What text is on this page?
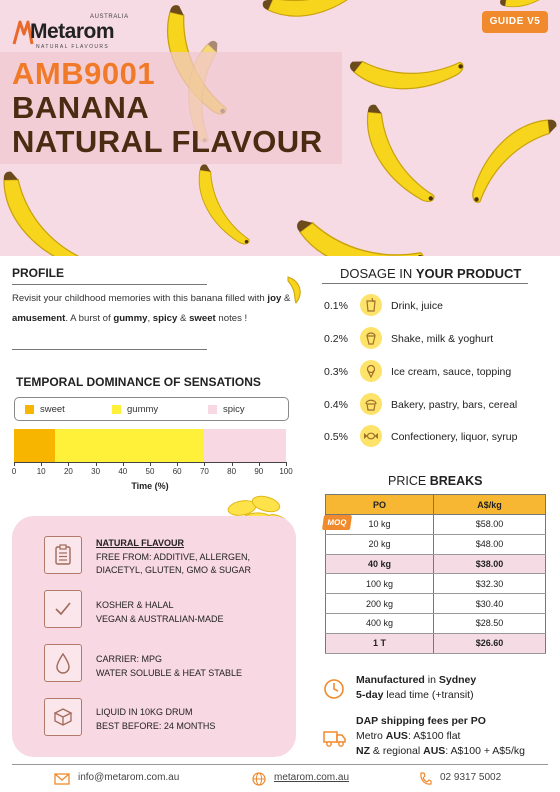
AUSTRALIA
Metarom
NATURAL FLAVOURS
GUIDE V5
AMB9001
BANANA
NATURAL FLAVOUR
PROFILE
Revisit your childhood memories with this banana filled with joy & amusement. A burst of gummy, spicy & sweet notes !
TEMPORAL DOMINANCE OF SENSATIONS
sweet	gummy	spicy
0	10	20	30	40	50	60	70	80	90	100
Time (%)
NATURAL FLAVOUR
FREE FROM: ADDITIVE, ALLERGEN,
DIACETYL, GLUTEN, GMO & SUGAR
KOSHER & HALAL
VEGAN & AUSTRALIAN-MADE
CARRIER: MPG
WATER SOLUBLE & HEAT STABLE
LIQUID IN 10KG DRUM
BEST BEFORE: 24 MONTHS
DOSAGE IN YOUR PRODUCT
0.1%	Drink, juice
0.2%	Shake, milk & yoghurt
0.3%	Ice cream, sauce, topping
0.4%	Bakery, pastry, bars, cereal
0.5%	Confectionery, liquor, syrup
PRICE BREAKS
PO	A$/kg
10 kg	$58.00
20 kg	$48.00
40 kg	$38.00
100 kg	$32.30
200 kg	$30.40
400 kg	$28.50
1 T	$26.60
MOQ
Manufactured in Sydney
5-day lead time (+transit)
DAP shipping fees per PO
Metro AUS: A$100 flat
NZ & regional AUS: A$100 + A$5/kg
info@metarom.com.au	metarom.com.au	02 9317 5002
